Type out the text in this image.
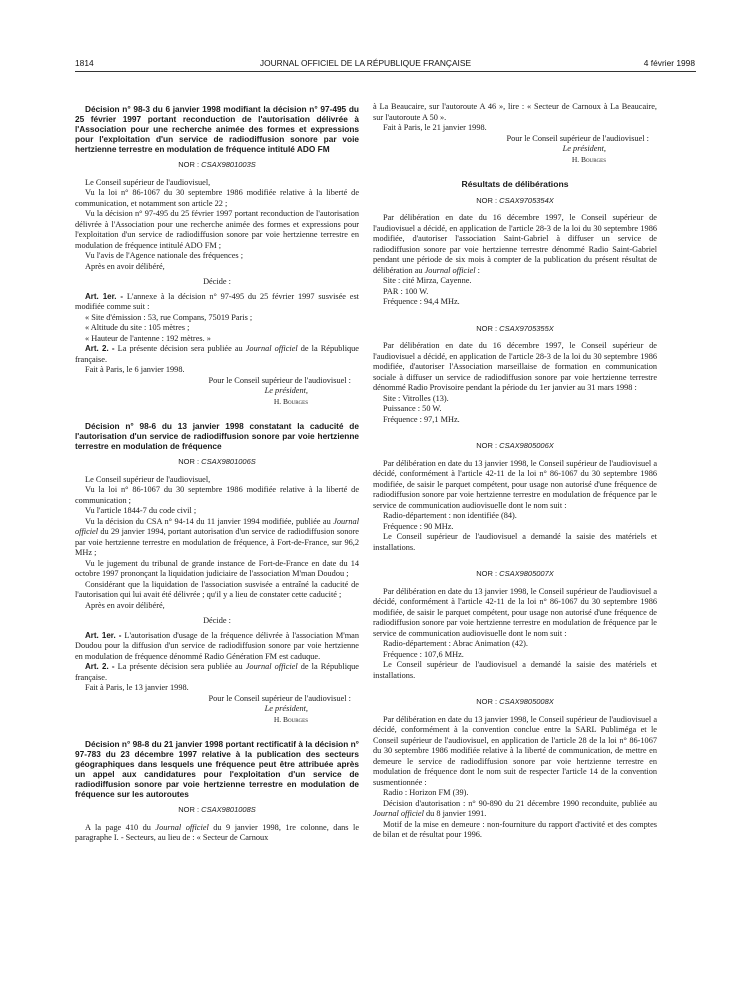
1814	JOURNAL OFFICIEL DE LA RÉPUBLIQUE FRANÇAISE	4 février 1998

Décision n° 98-3 du 6 janvier 1998 modifiant la décision n° 97-495 du 25 février 1997 portant reconduction de l'autorisation délivrée à l'Association pour une recherche animée des formes et expressions pour l'exploitation d'un service de radiodiffusion sonore par voie hertzienne terrestre en modulation de fréquence intitulé ADO FM

NOR : CSAX9801003S

Le Conseil supérieur de l'audiovisuel,

Vu la loi n° 86-1067 du 30 septembre 1986 modifiée relative à la liberté de communication, et notamment son article 22 ;

Vu la décision n° 97-495 du 25 février 1997 portant reconduction de l'autorisation délivrée à l'Association pour une recherche animée des formes et expressions pour l'exploitation d'un service de radiodiffusion sonore par voie hertzienne terrestre en modulation de fréquence intitulé ADO FM ;

Vu l'avis de l'Agence nationale des fréquences ;

Après en avoir délibéré,

Décide :

Art. 1er. - L'annexe à la décision n° 97-495 du 25 février 1997 susvisée est modifiée comme suit :

« Site d'émission : 53, rue Compans, 75019 Paris ;

« Altitude du site : 105 mètres ;

« Hauteur de l'antenne : 192 mètres. »

Art. 2. - La présente décision sera publiée au Journal officiel de la République française.

Fait à Paris, le 6 janvier 1998.

Pour le Conseil supérieur de l'audiovisuel :
Le président,
H. Bourges

Décision n° 98-6 du 13 janvier 1998 constatant la caducité de l'autorisation d'un service de radiodiffusion sonore par voie hertzienne terrestre en modulation de fréquence

NOR : CSAX9801006S

Le Conseil supérieur de l'audiovisuel,

Vu la loi n° 86-1067 du 30 septembre 1986 modifiée relative à la liberté de communication ;

Vu l'article 1844-7 du code civil ;

Vu la décision du CSA n° 94-14 du 11 janvier 1994 modifiée, publiée au Journal officiel du 29 janvier 1994, portant autorisation d'un service de radiodiffusion sonore par voie hertzienne terrestre en modulation de fréquence, à Fort-de-France, sur 96,2 MHz ;

Vu le jugement du tribunal de grande instance de Fort-de-France en date du 14 octobre 1997 prononçant la liquidation judiciaire de l'association M'man Doudou ;

Considérant que la liquidation de l'association susvisée a entraîné la caducité de l'autorisation qui lui avait été délivrée ; qu'il y a lieu de constater cette caducité ;

Après en avoir délibéré,

Décide :

Art. 1er. - L'autorisation d'usage de la fréquence délivrée à l'association M'man Doudou pour la diffusion d'un service de radiodiffusion sonore par voie hertzienne en modulation de fréquence dénommé Radio Génération FM est caduque.

Art. 2. - La présente décision sera publiée au Journal officiel de la République française.

Fait à Paris, le 13 janvier 1998.

Pour le Conseil supérieur de l'audiovisuel :
Le président,
H. Bourges

Décision n° 98-8 du 21 janvier 1998 portant rectificatif à la décision n° 97-783 du 23 décembre 1997 relative à la publication des secteurs géographiques dans lesquels une fréquence peut être attribuée après un appel aux candidatures pour l'exploitation d'un service de radiodiffusion sonore par voie hertzienne terrestre en modulation de fréquence sur les autoroutes

NOR : CSAX9801008S

A la page 410 du Journal officiel du 9 janvier 1998, 1re colonne, dans le paragraphe I. - Secteurs, au lieu de : « Secteur de Carnoux

à La Beaucaire, sur l'autoroute A 46 », lire : « Secteur de Carnoux à La Beaucaire, sur l'autoroute A 50 ».

Fait à Paris, le 21 janvier 1998.

Pour le Conseil supérieur de l'audiovisuel :
Le président,
H. Bourges
Résultats de délibérations
NOR : CSAX9705354X

Par délibération en date du 16 décembre 1997, le Conseil supérieur de l'audiovisuel a décidé, en application de l'article 28-3 de la loi du 30 septembre 1986 modifiée, d'autoriser l'association Saint-Gabriel à diffuser un service de radiodiffusion sonore par voie hertzienne terrestre dénommé Radio Saint-Gabriel pendant une période de six mois à compter de la publication du présent résultat de délibération au Journal officiel :

Site : cité Mirza, Cayenne.

PAR : 100 W.

Fréquence : 94,4 MHz.

NOR : CSAX9705355X

Par délibération en date du 16 décembre 1997, le Conseil supérieur de l'audiovisuel a décidé, en application de l'article 28-3 de la loi du 30 septembre 1986 modifiée, d'autoriser l'Association marseillaise de formation en communication sociale à diffuser un service de radiodiffusion sonore par voie hertzienne terrestre dénommé Radio Provisoire pendant la période du 1er janvier au 31 mars 1998 :

Site : Vitrolles (13).

Puissance : 50 W.

Fréquence : 97,1 MHz.

NOR : CSAX9805006X

Par délibération en date du 13 janvier 1998, le Conseil supérieur de l'audiovisuel a décidé, conformément à l'article 42-11 de la loi n° 86-1067 du 30 septembre 1986 modifiée, de saisir le parquet compétent, pour usage non autorisé d'une fréquence de radiodiffusion sonore par voie hertzienne terrestre en modulation de fréquence par le service de communication audiovisuelle dont le nom suit :

Radio-département : non identifiée (84).

Fréquence : 90 MHz.

Le Conseil supérieur de l'audiovisuel a demandé la saisie des matériels et installations.

NOR : CSAX9805007X

Par délibération en date du 13 janvier 1998, le Conseil supérieur de l'audiovisuel a décidé, conformément à l'article 42-11 de la loi n° 86-1067 du 30 septembre 1986 modifiée, de saisir le parquet compétent, pour usage non autorisé d'une fréquence de radiodiffusion sonore par voie hertzienne terrestre en modulation de fréquence par le service de communication audiovisuelle dont le nom suit :

Radio-département : Abrac Animation (42).

Fréquence : 107,6 MHz.

Le Conseil supérieur de l'audiovisuel a demandé la saisie des matériels et installations.

NOR : CSAX9805008X

Par délibération en date du 13 janvier 1998, le Conseil supérieur de l'audiovisuel a décidé, conformément à la convention conclue entre la SARL Publiméga et le Conseil supérieur de l'audiovisuel, en application de l'article 28 de la loi n° 86-1067 du 30 septembre 1986 modifiée relative à la liberté de communication, de mettre en demeure le service de radiodiffusion sonore par voie hertzienne terrestre en modulation de fréquence dont le nom suit de respecter l'article 14 de la convention susmentionnée :

Radio : Horizon FM (39).

Décision d'autorisation : n° 90-890 du 21 décembre 1990 reconduite, publiée au Journal officiel du 8 janvier 1991.

Motif de la mise en demeure : non-fourniture du rapport d'activité et des comptes de bilan et de résultat pour 1996.
